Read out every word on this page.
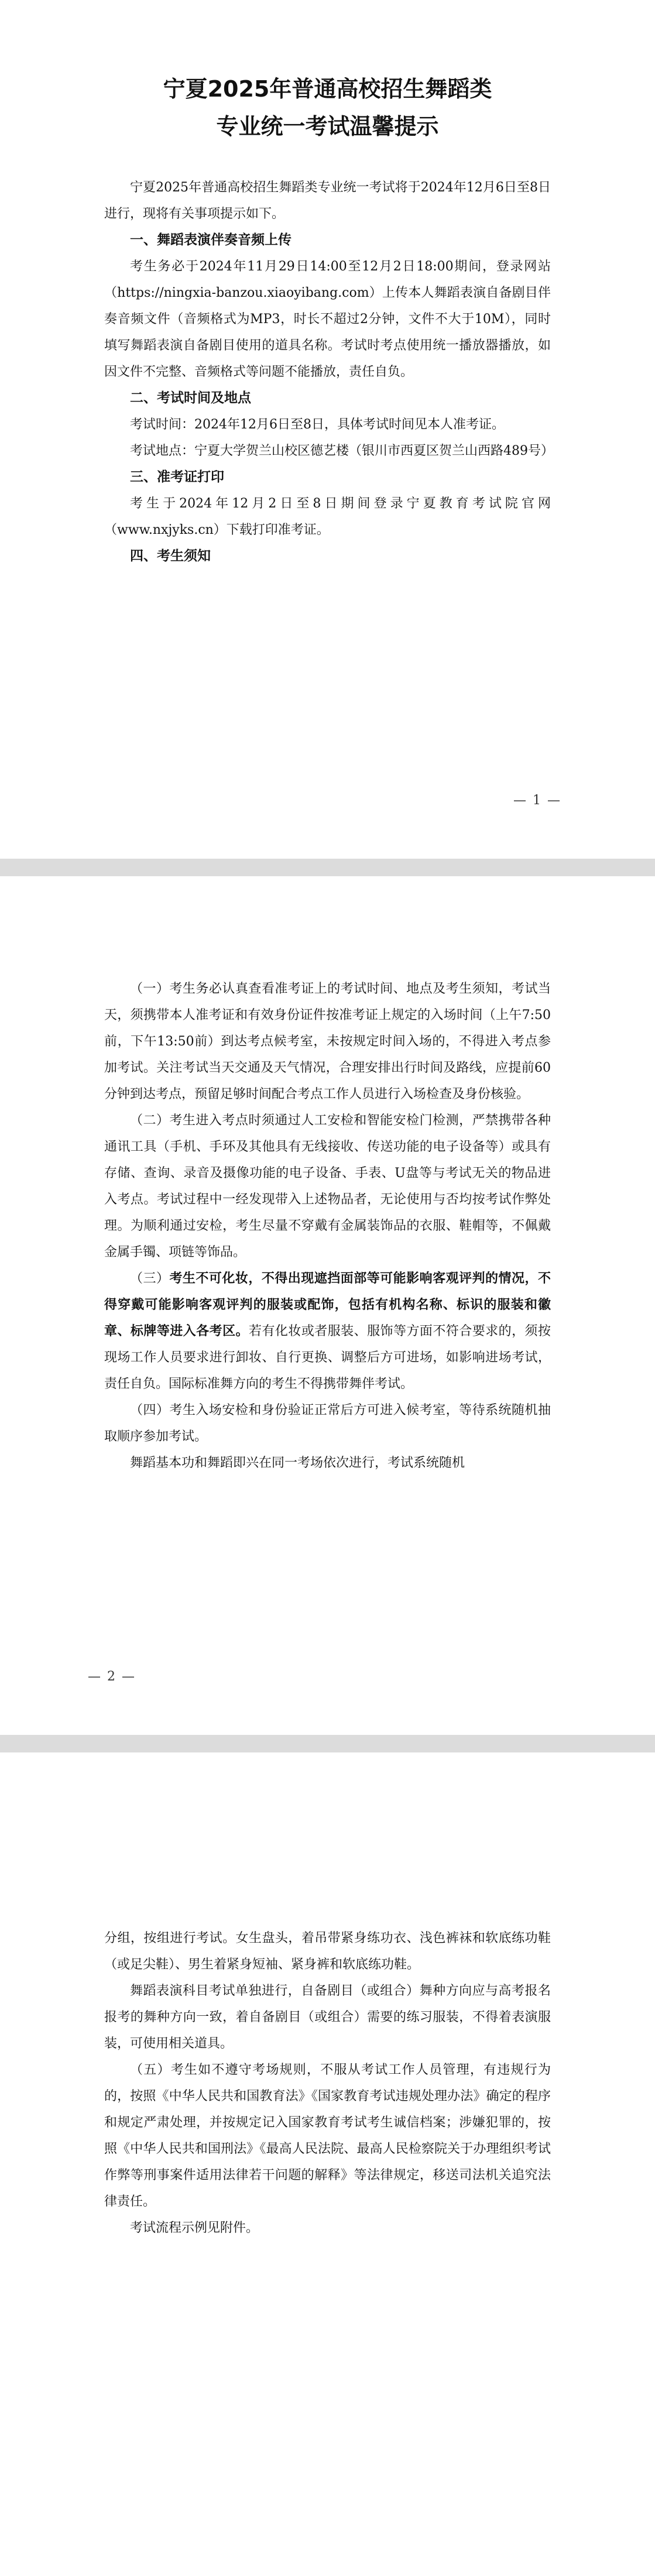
宁夏2025年普通高校招生舞蹈类

专业统一考试温馨提示

宁夏2025年普通高校招生舞蹈类专业统一考试将于2024年12月6日至8日进行，现将有关事项提示如下。

一、舞蹈表演伴奏音频上传

考生务必于2024年11月29日14:00至12月2日18:00期间，登录网站（https://ningxia-banzou.xiaoyibang.com）上传本人舞蹈表演自备剧目伴奏音频文件（音频格式为MP3，时长不超过2分钟，文件不大于10M），同时填写舞蹈表演自备剧目使用的道具名称。考试时考点使用统一播放器播放，如因文件不完整、音频格式等问题不能播放，责任自负。

二、考试时间及地点

考试时间：2024年12月6日至8日，具体考试时间见本人准考证。

考试地点：宁夏大学贺兰山校区德艺楼（银川市西夏区贺兰山西路489号）

三、准考证打印

考生于2024年12月2日至8日期间登录宁夏教育考试院官网（www.nxjyks.cn）下载打印准考证。

四、考生须知

— 1 —

（一）考生务必认真查看准考证上的考试时间、地点及考生须知，考试当天，须携带本人准考证和有效身份证件按准考证上规定的入场时间（上午7:50前，下午13:50前）到达考点候考室，未按规定时间入场的，不得进入考点参加考试。关注考试当天交通及天气情况，合理安排出行时间及路线，应提前60分钟到达考点，预留足够时间配合考点工作人员进行入场检查及身份核验。

（二）考生进入考点时须通过人工安检和智能安检门检测，严禁携带各种通讯工具（手机、手环及其他具有无线接收、传送功能的电子设备等）或具有存储、查询、录音及摄像功能的电子设备、手表、U盘等与考试无关的物品进入考点。考试过程中一经发现带入上述物品者，无论使用与否均按考试作弊处理。为顺利通过安检，考生尽量不穿戴有金属装饰品的衣服、鞋帽等，不佩戴金属手镯、项链等饰品。

（三）考生不可化妆，不得出现遮挡面部等可能影响客观评判的情况，不得穿戴可能影响客观评判的服装或配饰，包括有机构名称、标识的服装和徽章、标牌等进入各考区。若有化妆或者服装、服饰等方面不符合要求的，须按现场工作人员要求进行卸妆、自行更换、调整后方可进场，如影响进场考试，责任自负。国际标准舞方向的考生不得携带舞伴考试。

（四）考生入场安检和身份验证正常后方可进入候考室，等待系统随机抽取顺序参加考试。

舞蹈基本功和舞蹈即兴在同一考场依次进行，考试系统随机

— 2 —

分组，按组进行考试。女生盘头，着吊带紧身练功衣、浅色裤袜和软底练功鞋（或足尖鞋）、男生着紧身短袖、紧身裤和软底练功鞋。

舞蹈表演科目考试单独进行，自备剧目（或组合）舞种方向应与高考报名报考的舞种方向一致，着自备剧目（或组合）需要的练习服装，不得着表演服装，可使用相关道具。

（五）考生如不遵守考场规则，不服从考试工作人员管理，有违规行为的，按照《中华人民共和国教育法》《国家教育考试违规处理办法》确定的程序和规定严肃处理，并按规定记入国家教育考试考生诚信档案；涉嫌犯罪的，按照《中华人民共和国刑法》《最高人民法院、最高人民检察院关于办理组织考试作弊等刑事案件适用法律若干问题的解释》等法律规定，移送司法机关追究法律责任。

考试流程示例见附件。
